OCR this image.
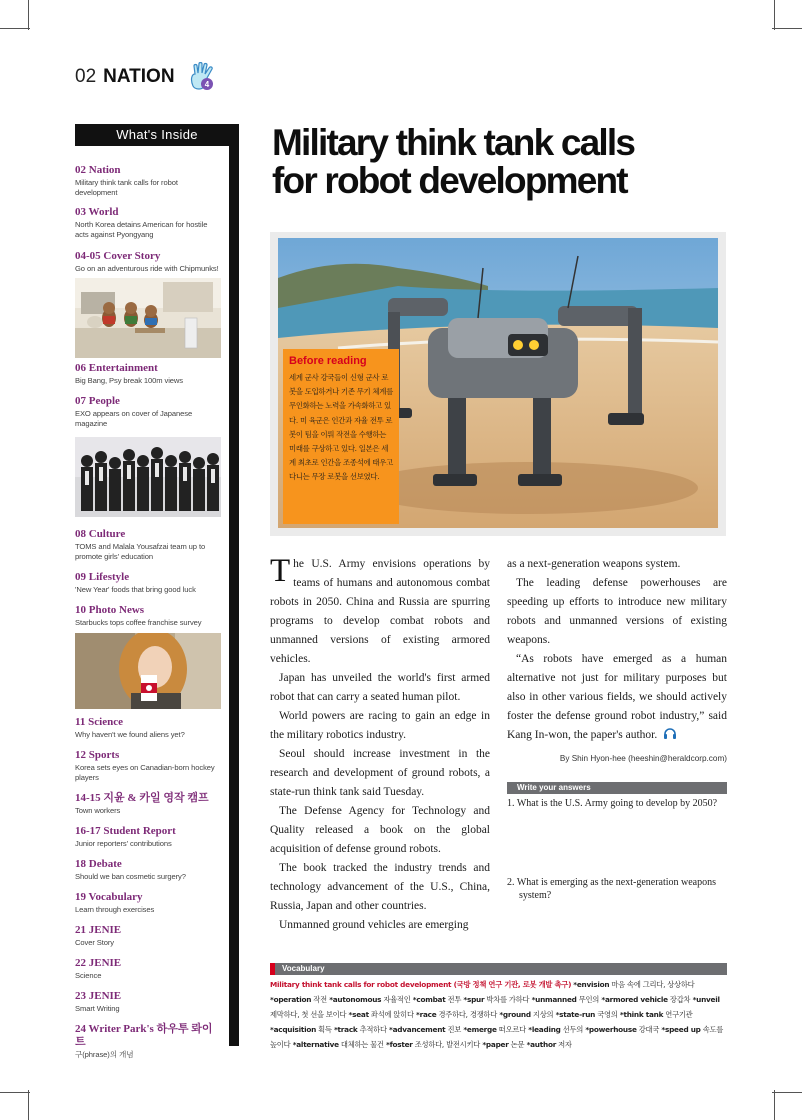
02 NATION	4
What's Inside
02 Nation
Military think tank calls for robot development
03 World
North Korea detains American for hostile acts against Pyongyang
04-05 Cover Story
Go on an adventurous ride with Chipmunks!
06 Entertainment
Big Bang, Psy break 100m views
07 People
EXO appears on cover of Japanese magazine
08 Culture
TOMS and Malala Yousafzai team up to promote girls' education
09 Lifestyle
'New Year' foods that bring good luck
10 Photo News
Starbucks tops coffee franchise survey
11 Science
Why haven't we found aliens yet?
12 Sports
Korea sets eyes on Canadian-born hockey players
14-15 지윤 & 카일 영작 캠프
Town workers
16-17 Student Report
Junior reporters' contributions
18 Debate
Should we ban cosmetic surgery?
19 Vocabulary
Learn through exercises
21 JENIE
Cover Story
22 JENIE
Science
23 JENIE
Smart Writing
24 Writer Park's 하우투 롸이트
구(phrase)의 개념
Military think tank calls
for robot development
Before reading
세계 군사 강국들이 신형 군사 로봇을 도입하거나 기존 무기 체계를 무인화하는 노력을 가속화하고 있다. 미 육군은 인간과 자율 전투 로봇이 팀을 이뤄 작전을 수행하는 미래를 구상하고 있다. 일본은 세계 최초로 인간을 조종석에 태우고 다니는 무장 로봇을 선보였다.

The U.S. Army envisions operations by teams of humans and autonomous combat robots in 2050. China and Russia are spurring programs to develop combat robots and unmanned versions of existing armored vehicles.

Japan has unveiled the world's first armed robot that can carry a seated human pilot.

World powers are racing to gain an edge in the military robotics industry.

Seoul should increase investment in the research and development of ground robots, a state-run think tank said Tuesday.

The Defense Agency for Technology and Quality released a book on the global acquisition of defense ground robots.

The book tracked the industry trends and technology advancement of the U.S., China, Russia, Japan and other countries.

Unmanned ground vehicles are emerging

as a next-generation weapons system.

The leading defense powerhouses are speeding up efforts to introduce new military robots and unmanned versions of existing weapons.

“As robots have emerged as a human alternative not just for military purposes but also in other various fields, we should actively foster the defense ground robot industry,” said Kang In-won, the paper's author.

By Shin Hyon-hee (heeshin@heraldcorp.com)
Write your answers
1. What is the U.S. Army going to develop by 2050?
2. What is emerging as the next-generation weapons system?
Vocabulary
Military think tank calls for robot development (국방 정책 연구 기관, 로봇 개발 촉구) *envision 마음 속에 그리다, 상상하다 *operation 작전 *autonomous 자율적인 *combat 전투 *spur 박차를 가하다 *unmanned 무인의 *armored vehicle 장갑차 *unveil 제막하다, 첫 선을 보이다 *seat 좌석에 앉히다 *race 경주하다, 경쟁하다 *ground 지상의 *state-run 국영의 *think tank 연구기관 *acquisition 획득 *track 추적하다 *advancement 진보 *emerge 떠오르다 *leading 선두의 *powerhouse 강대국 *speed up 속도를 높이다 *alternative 대체하는 물건 *foster 조성하다, 발전시키다 *paper 논문 *author 저자
